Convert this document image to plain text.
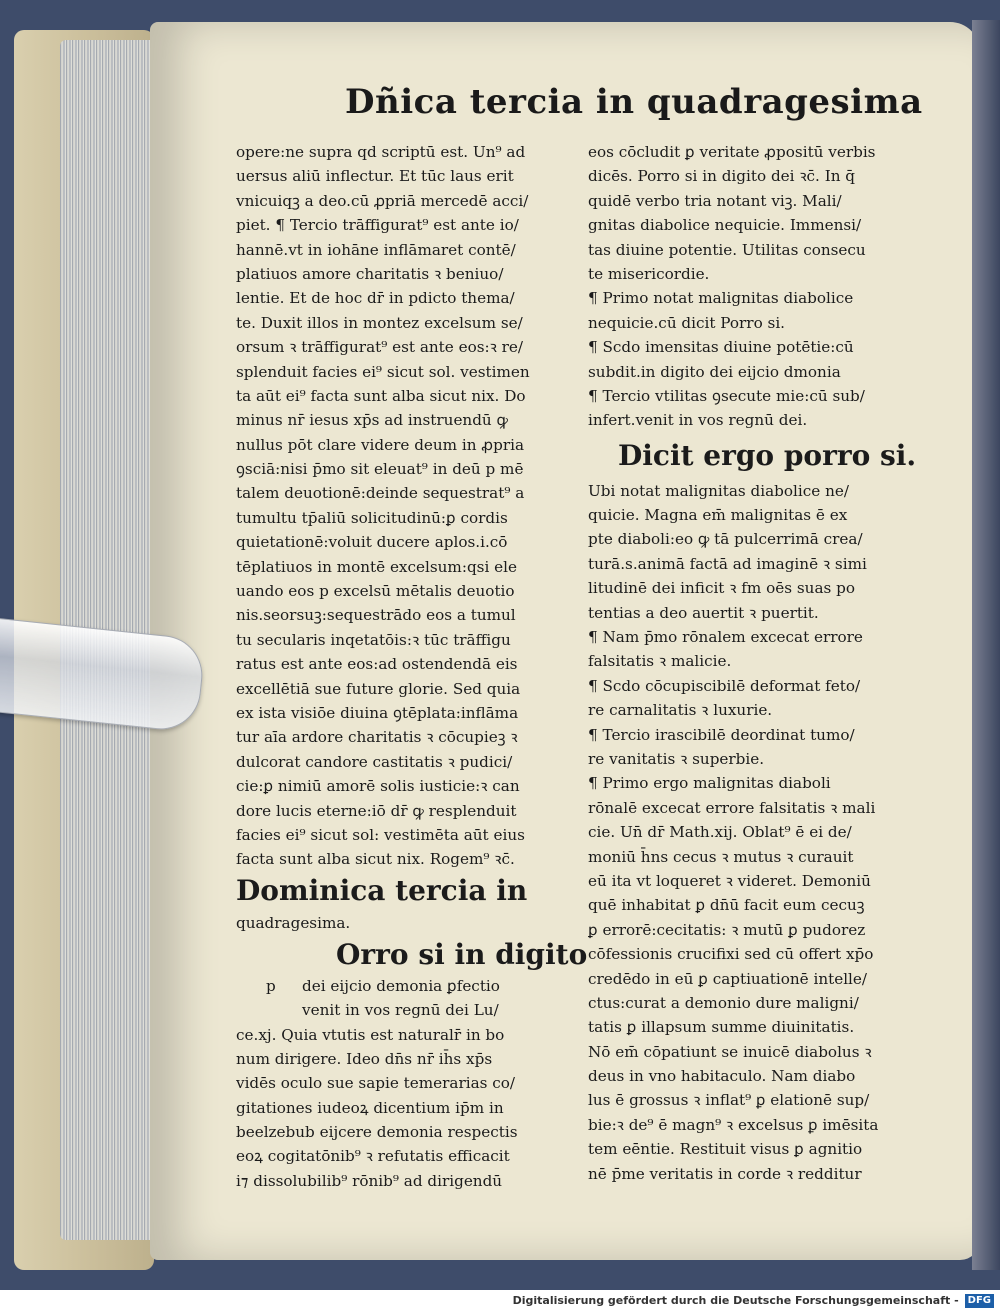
Dñica tercia in quadragesima
opere:ne supra qd scriptū est. Un⁹ ad
uersus aliū inflectur. Et tūc laus erit
vnicuiqꝫ a deo.cū ꝓpriā mercedē acci/
piet. ¶ Tercio trāffigurat⁹ est ante io/
hannē.vt in iohāne inflāmaret contē/
platiuos amore charitatis ꝛ beniuo/
lentie. Et de hoc dr̄ in pdicto thema/
te. Duxit illos in montez excelsum se/
orsum ꝛ trāffigurat⁹ est ante eos:ꝛ re/
splenduit facies ei⁹ sicut sol. vestimen
ta aūt ei⁹ facta sunt alba sicut nix. Do
minus nr̄ iesus xp̄s ad instruendū ꝙ
nullus pōt clare videre deum in ꝓpria
ꝯsciā:nisi p̄mo sit eleuat⁹ in deū p mē
talem deuotionē:deinde sequestrat⁹ a
tumultu tp̄aliū solicitudinū:ꝑ cordis
quietationē:voluit ducere aplos.i.cō
tēplatiuos in montē excelsum:qsi ele
uando eos p excelsū mētalis deuotio
nis.seorsuꝫ:sequestrādo eos a tumul
tu secularis inqetatōis:ꝛ tūc trāffigu
ratus est ante eos:ad ostendendā eis
excellētiā sue future glorie. Sed quia
ex ista visiōe diuina ꝯtēplata:inflāma
tur aīa ardore charitatis ꝛ cōcupieꝫ ꝛ
dulcorat candore castitatis ꝛ pudici/
cie:ꝑ nimiū amorē solis iusticie:ꝛ can
dore lucis eterne:iō dr̄ ꝙ resplenduit
facies ei⁹ sicut sol: vestimēta aūt eius
facta sunt alba sicut nix. Rogem⁹ ꝛc̄.
Dominica tercia in
quadragesima.
Orro si in digito
p dei eijcio demonia ꝑfectio
venit in vos regnū dei Lu/
ce.xj. Quia vtutis est naturalr̄ in bo
num dirigere. Ideo dn̄s nr̄ ih̄s xp̄s
vidēs oculo sue sapie temerarias co/
gitationes iudeoꝝ dicentium ip̄m in
beelzebub eijcere demonia respectis
eoꝝ cogitatōnib⁹ ꝛ refutatis efficacit
i⁊ dissolubilib⁹ rōnib⁹ ad dirigendū
eos cōcludit ꝑ veritate ꝓpositū verbis
dicēs. Porro si in digito dei ꝛc̄. In q̄
quidē verbo tria notant viꝫ. Mali/
gnitas diabolice nequicie. Immensi/
tas diuine potentie. Utilitas consecu
te misericordie.
¶ Primo notat malignitas diabolice
nequicie.cū dicit Porro si.
¶ Scdo imensitas diuine potētie:cū
subdit.in digito dei eijcio dmonia
¶ Tercio vtilitas ꝯsecute mie:cū sub/
infert.venit in vos regnū dei.
Dicit ergo porro si.
Ubi notat malignitas diabolice ne/
quicie. Magna em̄ malignitas ē ex
pte diaboli:eo ꝙ tā pulcerrimā crea/
turā.s.animā factā ad imaginē ꝛ simi
litudinē dei inficit ꝛ fm oēs suas po
tentias a deo auertit ꝛ puertit.
¶ Nam p̄mo rōnalem excecat errore
falsitatis ꝛ malicie.
¶ Scdo cōcupiscibilē deformat feto/
re carnalitatis ꝛ luxurie.
¶ Tercio irascibilē deordinat tumo/
re vanitatis ꝛ superbie.
¶ Primo ergo malignitas diaboli
rōnalē excecat errore falsitatis ꝛ mali
cie. Un̄ dr̄ Math.xij. Oblat⁹ ē ei de/
moniū h̄ns cecus ꝛ mutus ꝛ curauit
eū ita vt loqueret ꝛ videret. Demoniū
quē inhabitat ꝑ dn̄ū facit eum cecuꝫ
ꝑ errorē:cecitatis: ꝛ mutū ꝑ pudorez
cōfessionis crucifixi sed cū offert xp̄o
credēdo in eū ꝑ captiuationē intelle/
ctus:curat a demonio dure maligni/
tatis ꝑ illapsum summe diuinitatis.
Nō em̄ cōpatiunt se inuicē diabolus ꝛ
deus in vno habitaculo. Nam diabo
lus ē grossus ꝛ inflat⁹ ꝑ elationē sup/
bie:ꝛ de⁹ ē magn⁹ ꝛ excelsus ꝑ imēsita
tem eēntie. Restituit visus ꝑ agnitio
nē p̄me veritatis in corde ꝛ redditur
Digitalisierung gefördert durch die Deutsche Forschungsgemeinschaft - DFG
